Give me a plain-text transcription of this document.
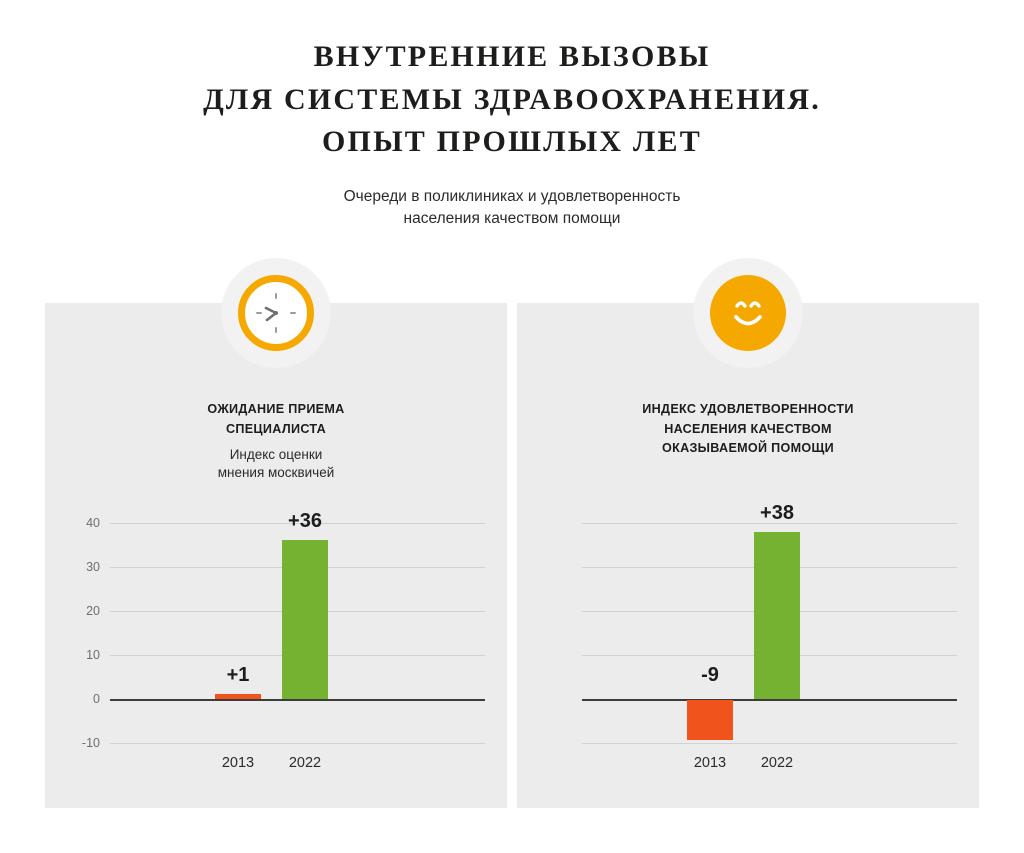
ВНУТРЕННИЕ ВЫЗОВЫ
ДЛЯ СИСТЕМЫ ЗДРАВООХРАНЕНИЯ.
ОПЫТ ПРОШЛЫХ ЛЕТ
Очереди в поликлиниках и удовлетворенность
населения качеством помощи
ОЖИДАНИЕ ПРИЕМА
СПЕЦИАЛИСТА
Индекс оценки
мнения москвичей
40
30
20
10
0
-10
+1
+36
2013	2022
ИНДЕКС УДОВЛЕТВОРЕННОСТИ
НАСЕЛЕНИЯ КАЧЕСТВОМ
ОКАЗЫВАЕМОЙ ПОМОЩИ
-9
+38
2013	2022
